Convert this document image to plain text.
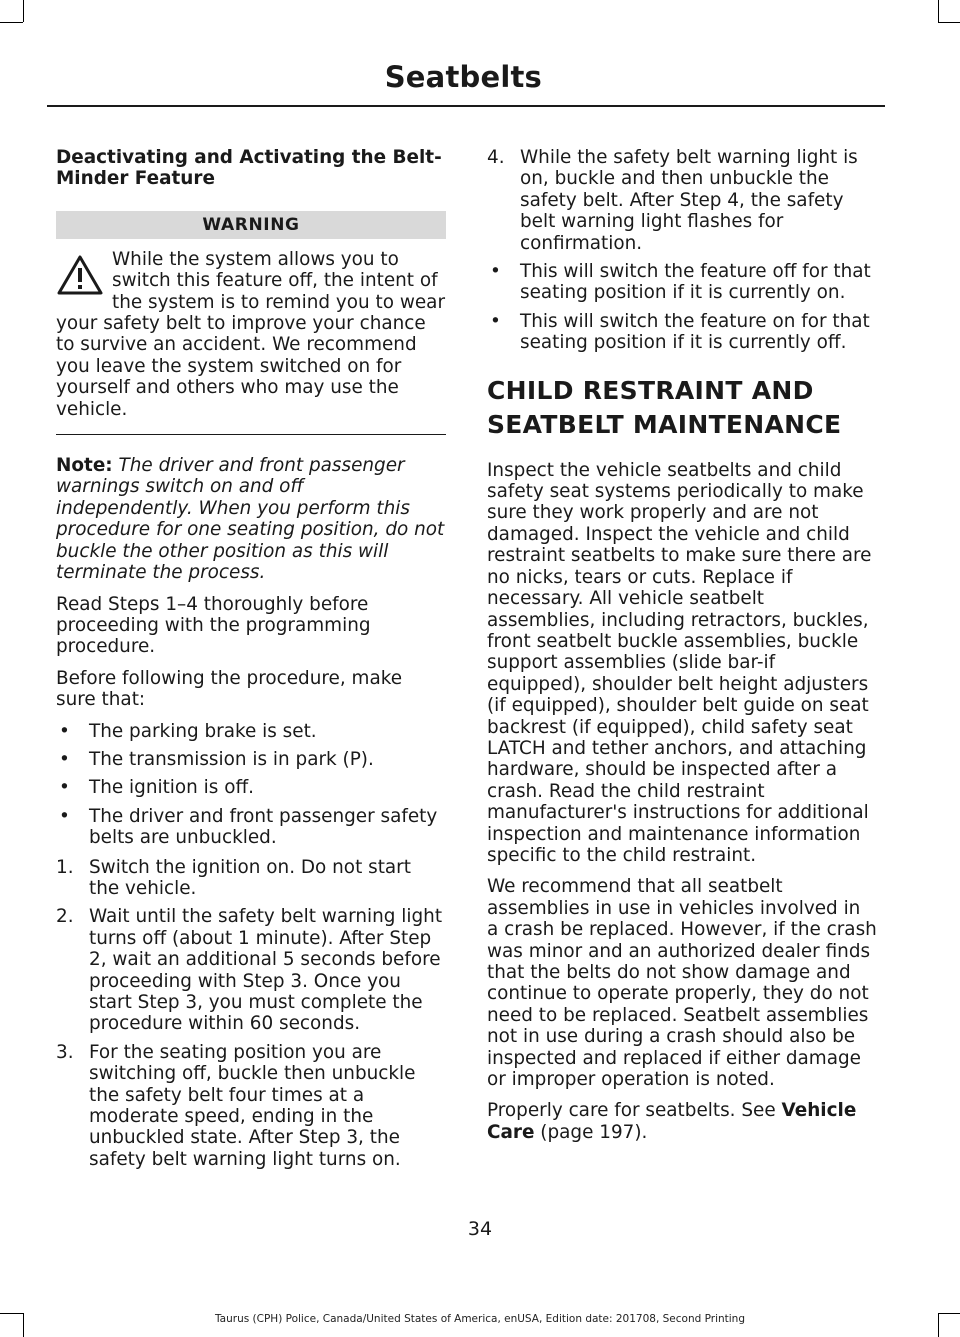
Seatbelts
Deactivating and Activating the Belt-Minder Feature
WARNING
While the system allows you to switch this feature off, the intent of the system is to remind you to wear your safety belt to improve your chance to survive an accident. We recommend you leave the system switched on for yourself and others who may use the vehicle.

Note: The driver and front passenger warnings switch on and off independently. When you perform this procedure for one seating position, do not buckle the other position as this will terminate the process.

Read Steps 1–4 thoroughly before proceeding with the programming procedure.

Before following the procedure, make sure that:

• The parking brake is set.
• The transmission is in park (P).
• The ignition is off.
• The driver and front passenger safety belts are unbuckled.
1. Switch the ignition on. Do not start the vehicle.
2. Wait until the safety belt warning light turns off (about 1 minute). After Step 2, wait an additional 5 seconds before proceeding with Step 3. Once you start Step 3, you must complete the procedure within 60 seconds.
3. For the seating position you are switching off, buckle then unbuckle the safety belt four times at a moderate speed, ending in the unbuckled state. After Step 3, the safety belt warning light turns on.
4. While the safety belt warning light is on, buckle and then unbuckle the safety belt. After Step 4, the safety belt warning light flashes for confirmation.
• This will switch the feature off for that seating position if it is currently on.
• This will switch the feature on for that seating position if it is currently off.
CHILD RESTRAINT AND
SEATBELT MAINTENANCE

Inspect the vehicle seatbelts and child safety seat systems periodically to make sure they work properly and are not damaged. Inspect the vehicle and child restraint seatbelts to make sure there are no nicks, tears or cuts. Replace if necessary. All vehicle seatbelt assemblies, including retractors, buckles, front seatbelt buckle assemblies, buckle support assemblies (slide bar-if equipped), shoulder belt height adjusters (if equipped), shoulder belt guide on seat backrest (if equipped), child safety seat LATCH and tether anchors, and attaching hardware, should be inspected after a crash. Read the child restraint manufacturer's instructions for additional inspection and maintenance information specific to the child restraint.

We recommend that all seatbelt assemblies in use in vehicles involved in a crash be replaced. However, if the crash was minor and an authorized dealer finds that the belts do not show damage and continue to operate properly, they do not need to be replaced. Seatbelt assemblies not in use during a crash should also be inspected and replaced if either damage or improper operation is noted.

Properly care for seatbelts. See Vehicle Care (page 197).

34
Taurus (CPH) Police, Canada/United States of America, enUSA, Edition date: 201708, Second Printing
